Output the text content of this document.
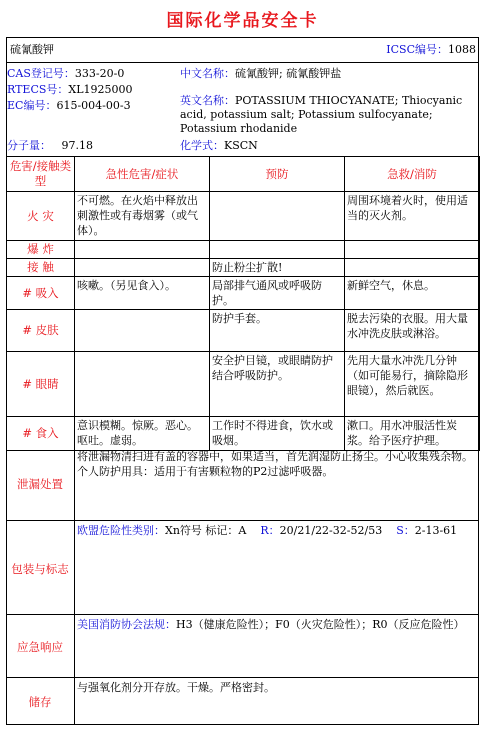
国际化学品安全卡
硫氰酸钾	ICSC编号：1088
CAS登记号：333-20-0
RTECS号：XL1925000
EC编号：615-004-00-3
分子量： 97.18
中文名称：硫氰酸钾; 硫氰酸钾盐
英文名称：POTASSIUM THIOCYANATE; Thiocyanic acid, potassium salt; Potassium sulfocyanate; Potassium rhodanide
化学式：KSCN
危害/接触类型	急性危害/症状	预防	急救/消防
火 灾	不可燃。在火焰中释放出刺激性或有毒烟雾（或气体）。		周围环境着火时，使用适当的灭火剂。
爆 炸			
接 触		防止粉尘扩散!	
# 吸入	咳嗽。（另见食入）。	局部排气通风或呼吸防护。	新鲜空气，休息。
# 皮肤		防护手套。	脱去污染的衣服。用大量水冲洗皮肤或淋浴。
# 眼睛		安全护目镜，或眼睛防护结合呼吸防护。	先用大量水冲洗几分钟（如可能易行，摘除隐形眼镜），然后就医。
# 食入	意识模糊。惊厥。恶心。呕吐。虚弱。	工作时不得进食，饮水或吸烟。	漱口。用水冲服活性炭浆。给予医疗护理。
泄漏处置
将泄漏物清扫进有盖的容器中，如果适当，首先润湿防止扬尘。小心收集残余物。个人防护用具：适用于有害颗粒物的P2过滤呼吸器。
包装与标志
欧盟危险性类别：Xn符号 标记：A R：20/21/22-32-52/53 S：2-13-61
应急响应
美国消防协会法规：H3（健康危险性）；F0（火灾危险性）；R0（反应危险性）
储存
与强氧化剂分开存放。干燥。严格密封。
